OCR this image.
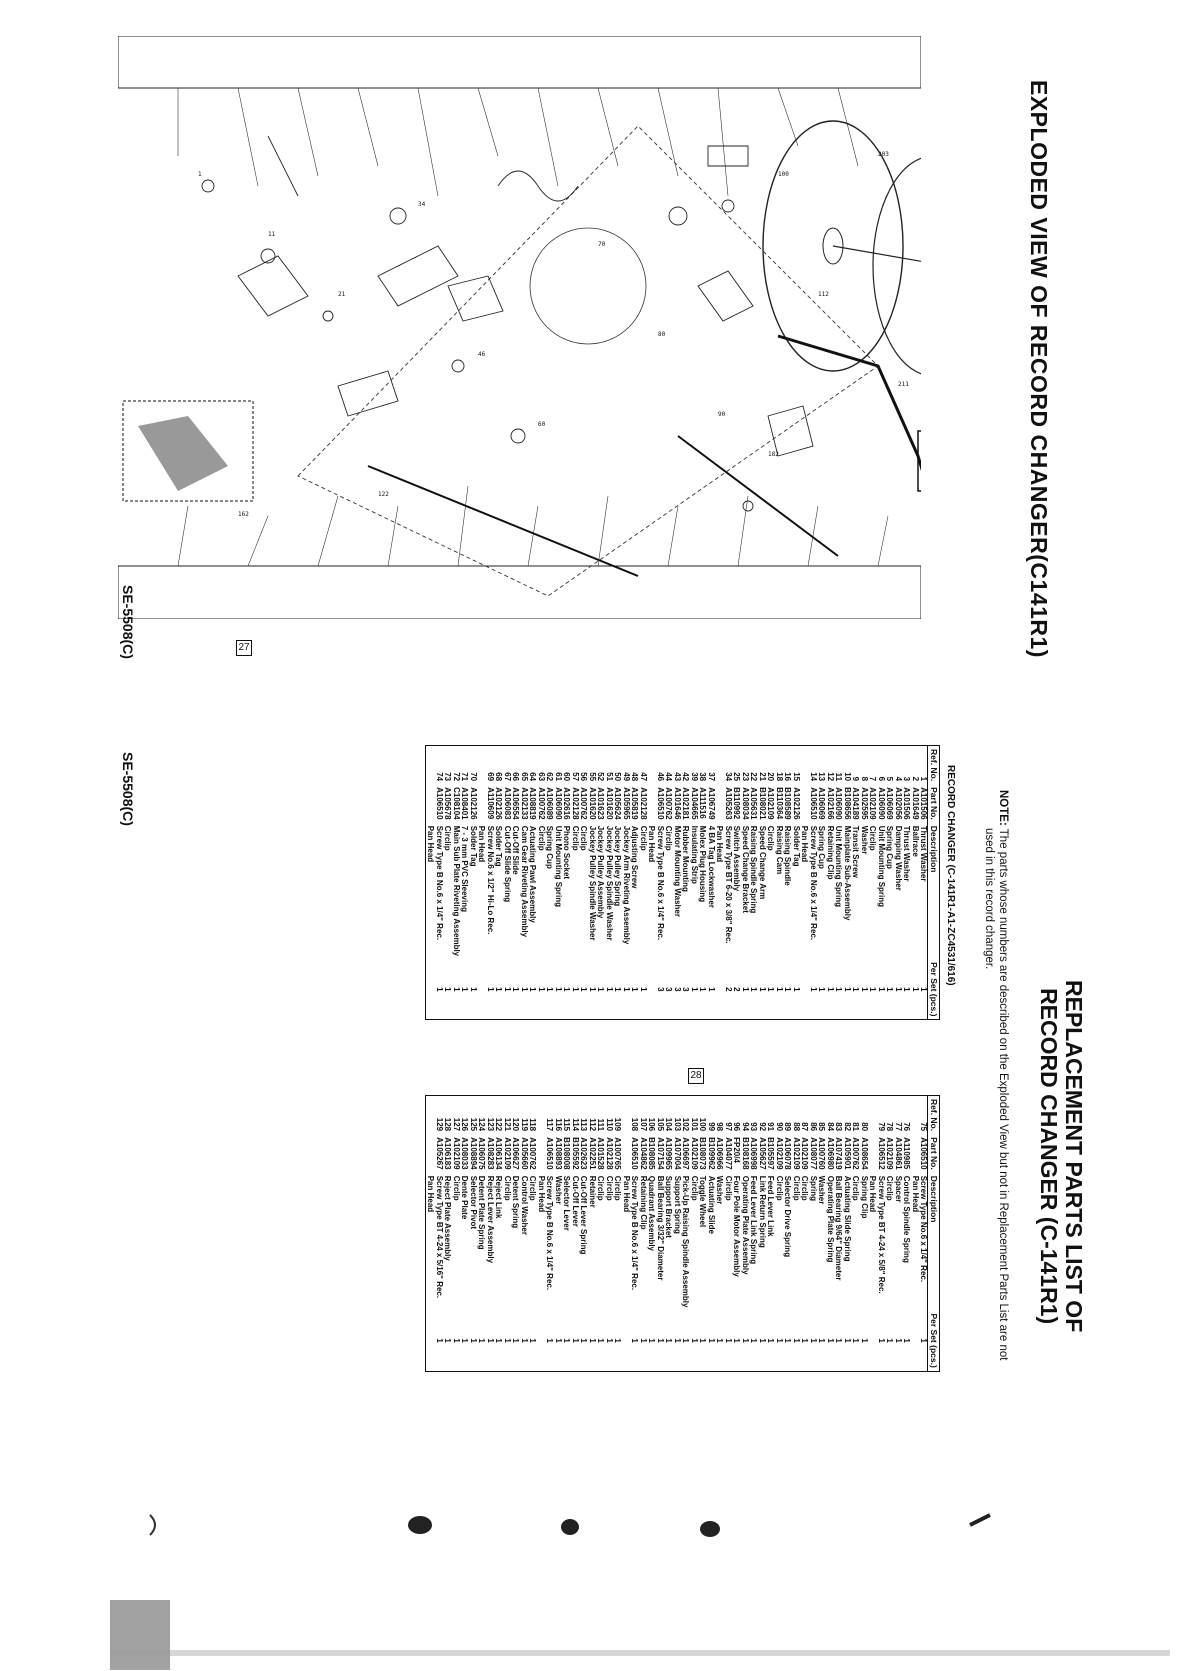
EXPLODED VIEW OF RECORD CHANGER(C141R1)
1
11
21
34
46
60
70
80
90
100
112
122
162
182
203
211
27
SE-5508(C)
REPLACEMENT PARTS LIST OF
RECORD CHANGER (C-141R1)
NOTE: The parts whose numbers are described on the Exploded View but not in Replacement Parts List are not
used in this record changer.
RECORD CHANGER (C-141R1-A1-ZC4531/616)
Ref. No.	Part No.	Description	Per Set (pcs.)
1	A101506	Thrust Washer	1
2	A101649	Ballrace	1
3	A101506	Thrust Washer	1
4	A102056	Damping Washer	1
5	A106069	Spring Cup	1
6	A106090	Unit Mounting Spring	1
7	A102109	Circlip	1
8	A102595	Washer	1
9	A104189	Transit Screw	1
10	B108656	Mainplate Sub-Assembly	1
11	A106090	Unit Mounting Spring	1
12	A102166	Retaining Clip	1
13	A106069	Spring Cup	1
14	A106510	Screw Type B No.6 x 1/4" Rec.	1
		Pan Head	
15	A102126	Solder Tag	1
16	B108589	Raising Spindle	1
18	B110364	Raising Cam	1
20	A102109	Circlip	1
21	B108021	Speed Change Arm	1
22	A105631	Raising Spindle Spring	1
23	A108034	Speed Change Bracket	1
25	B110992	Switch Assembly	2
34	A105263	Screw Type BT 6-20 x 3/8" Rec.	2
		Pan Head	
37	A106749	4 BA Tag Lockwasher	1
38	A111516	Molex Plug Housing	1
39	A104665	Insulating Strip	1
42	A102181	Rubber Mounting	3
43	A101646	Motor Mounting Washer	3
44	A100762	Circlip	3
46	A106510	Screw Type B No.6 x 1/4" Rec.	3
		Pan Head	
47	A102128	Circlip	1
48	A105819	Adjusting Screw	1
49	A105965	Jockey Arm Riveting Assembly	1
50	A105624	Jockey Pulley Spring	1
51	A101620	Jockey Pulley Spindle Washer	1
52	A101623	Jockey Pulley Assembly	1
55	A101620	Jockey Pulley Spindle Washer	1
56	A100762	Circlip	1
57	A102128	Circlip	1
60	A102616	Phono Socket	1
61	A106090	Unit Mounting Spring	1
62	A106089	Spring Cup	1
63	A100762	Circlip	1
64	A108819	Actuating Pawl Assembly	1
65	A102133	Cam Gear Riveting Assembly	1
66	A106554	Cut-Off Slide	1
67	A106083	Cut-Off Slide Spring	1
68	A102126	Solder Tag	1
69	A110609	Screw No.6 x 1/2" Hi-Lo Rec.	1
		Pan Head	
70	A102126	Solder Tag	1
71	A108401	7 - 3 mm PVC Sleeving	1
72	C108104	Main Sub Plate Riveting Assembly	1
73	A105678	Circlip	1
74	A106510	Screw Type B No.6 x 1/4" Rec.	1
		Pan Head	
Ref. No.	Part No.	Description	Per Set (pcs.)
75	A106510	Screw Type No.6 x 1/4" Rec.	1
		Pan Head	
76	A110985	Control Spindle Spring	1
77	A104861	Spacer	1
78	A102109	Circlip	1
79	A106512	Screw Type BT 4-24 x 5/8" Rec.	1
		Pan Head	
80	A108654	Spring Clip	1
81	A100762	Circlip	1
82	A105901	Actuating Slide Spring	1
83	A107419	Ball Bearing 9/64" Diameter	1
84	A106980	Operating Plate Spring	1
85	A100760	Washer	1
86	A108077	Spring	1
87	A102109	Circlip	1
88	A102109	Circlip	1
89	A106078	Selector Drive Spring	1
90	A102109	Circlip	1
91	B105597	Feed Lever Link	1
92	A105627	Link Return Spring	1
93	A106998	Feed Lever Link Spring	1
94	B108168	Operating Plate Assembly	1
96	FP20/4	Four Pole Motor Assembly	1
97	A104077	Circlip	1
98	A106966	Washer	1
99	B109962	Actuating Slide	1
100	B108073	Toggle Wheel	1
101	A102109	Circlip	1
102	A106697	Pick-Up Raising Spindle Assembly	1
103	A107004	Support Spring	1
104	A109965	Support Bracket	1
105	A107154	Ball Bearing 3/32" Diameter	1
106	B108085	Quadrant Assembly	1
107	A104862	Retaining Clip	1
108	A106510	Screw Type B No.6 x 1/4" Rec.	1
		Pan Head	
109	A100765	Circlip	1
110	A102128	Circlip	1
111	A101528	Circlip	1
112	A102251	Retainer	1
113	A102623	Cut-Off Lever Spring	1
114	B105592	Cut-Off Lever	1
115	B108008	Selector Lever	1
116	A108893	Washer	1
117	A106510	Screw Type B No.6 x 1/4" Rec.	1
		Pan Head	
118	A100762	Circlip	1
119	A105660	Control Washer	1
120	A106627	Detent Spring	1
121	A102109	Circlip	1
122	A106134	Reject Link	1
123	A108283	Reject Lever Assembly	1
124	A106075	Detent Plate Spring	1
125	A108894	Selector Pivot	1
126	A108033	Dente Plate	1
127	A102109	Circlip	1
128	A106183	Reject Plate Assembly	1
129	A105267	Screw Type BT 4-24 x 5/16" Rec.	1
		Pan Head	
28
SE-5508(C)
